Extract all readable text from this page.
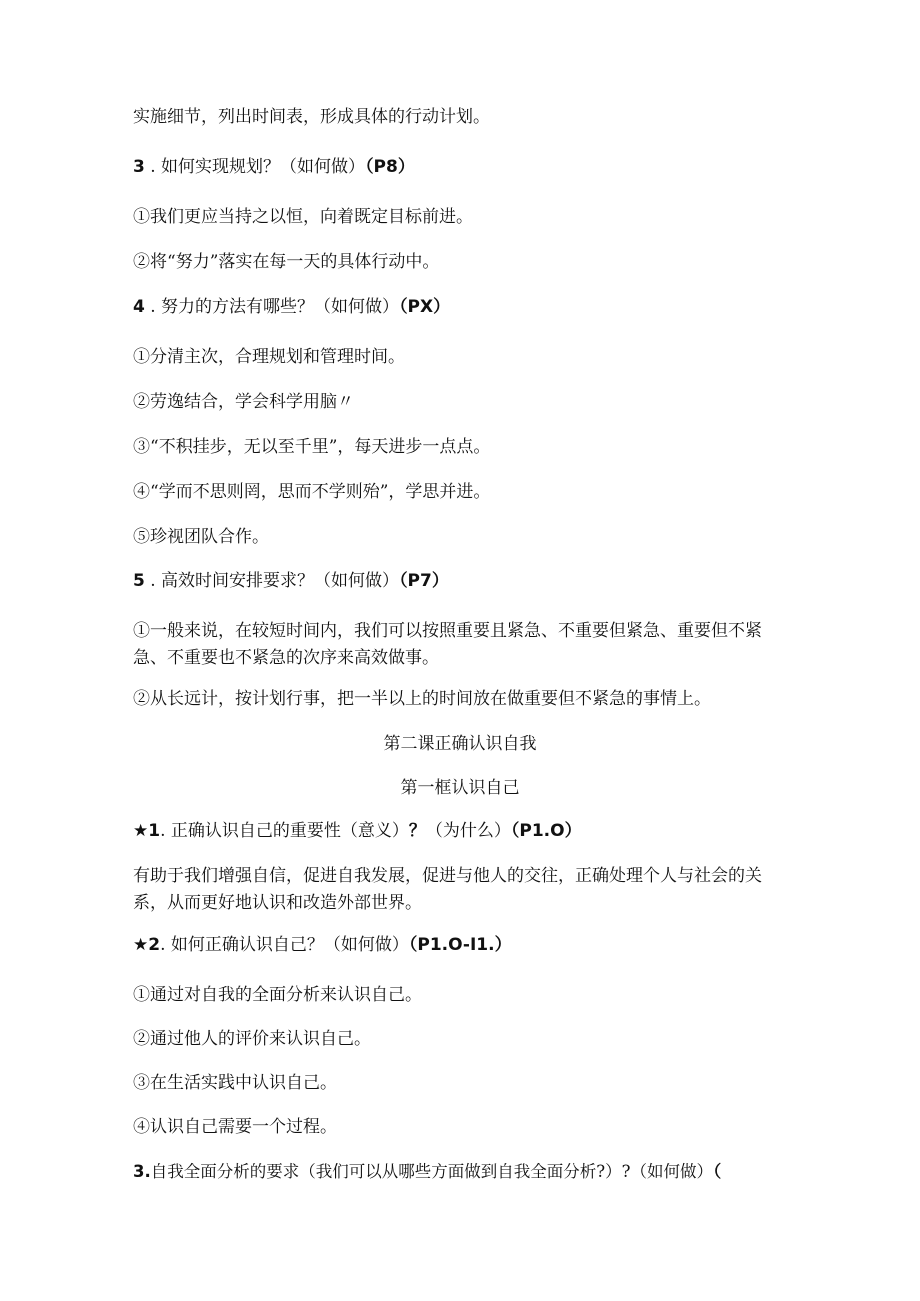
实施细节，列出时间表，形成具体的行动计划。
3 . 如何实现规划？（如何做）（P8）
①我们更应当持之以恒，向着既定目标前进。
②将“努力”落实在每一天的具体行动中。
4 . 努力的方法有哪些？（如何做）（PX）
①分清主次，合理规划和管理时间。
②劳逸结合，学会科学用脑〃
③“不积挂步，无以至千里”，每天进步一点点。
④“学而不思则罔，思而不学则殆”，学思并进。
⑤珍视团队合作。
5 . 高效时间安排要求？（如何做）（P7）
①一般来说，在较短时间内，我们可以按照重要且紧急、不重要但紧急、重要但不紧急、不重要也不紧急的次序来高效做事。
②从长远计，按计划行事，把一半以上的时间放在做重要但不紧急的事情上。
第二课正确认识自我
第一框认识自己
★1. 正确认识自己的重要性（意义）？（为什么）（P1.O）
有助于我们增强自信，促进自我发展，促进与他人的交往，正确处理个人与社会的关系，从而更好地认识和改造外部世界。
★2. 如何正确认识自己？（如何做）（P1.O-I1.）
①通过对自我的全面分析来认识自己。
②通过他人的评价来认识自己。
③在生活实践中认识自己。
④认识自己需要一个过程。
3.自我全面分析的要求（我们可以从哪些方面做到自我全面分析?）?（如何做）（
